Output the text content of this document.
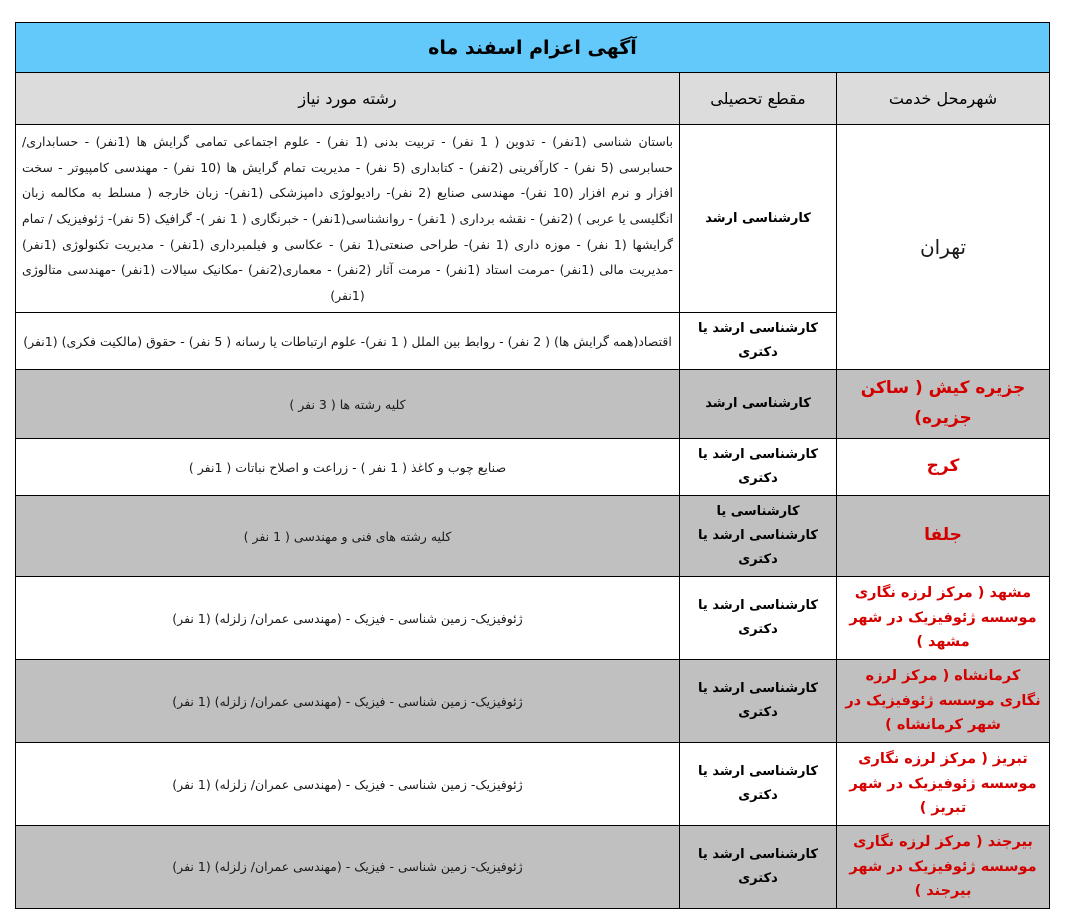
آگهی اعزام اسفند ماه		
شهرمحل خدمت	مقطع تحصیلی	رشته مورد نیاز
تهران	کارشناسی ارشد	باستان شناسی (1نفر) - تدوین ( 1 نفر) - تربیت بدنی (1 نفر) - علوم اجتماعی تمامی گرایش ها (1نفر) - حسابداری/ حسابرسی (5 نفر) - کارآفرینی (2نفر) - کتابداری (5 نفر) - مدیریت تمام گرایش ها (10 نفر) - مهندسی کامپیوتر - سخت افزار و نرم افزار (10 نفر)- مهندسی صنایع (2 نفر)- رادیولوژی دامپزشکی (1نفر)- زبان خارجه ( مسلط به مکالمه زبان انگلیسی یا عربی ) (2نفر) - نقشه برداری ( 1نفر) - روانشناسی(1نفر) - خبرنگاری ( 1 نفر )- گرافیک (5 نفر)- ژئوفیزیک / تمام گرایشها (1 نفر) - موزه داری (1 نفر)- طراحی صنعتی(1 نفر) - عکاسی و فیلمبرداری (1نفر) - مدیریت تکنولوژی (1نفر) -مدیریت مالی (1نفر) -مرمت استاد (1نفر) - مرمت آثار (2نفر) - معماری(2نفر) -مکانیک سیالات (1نفر) -مهندسی متالوژی (1نفر)
	کارشناسی ارشد یا دکتری	اقتصاد(همه گرایش ها) ( 2 نفر) - روابط بین الملل ( 1 نفر)- علوم ارتباطات یا رسانه ( 5 نفر) - حقوق (مالکیت فکری) (1نفر)
جزیره کیش ( ساکن جزیره)	کارشناسی ارشد	کلیه رشته ها ( 3 نفر )
کرج	کارشناسی ارشد یا دکتری	صنایع چوب و کاغذ ( 1 نفر ) - زراعت و اصلاح نباتات ( 1نفر )
جلفا	کارشناسی یا کارشناسی ارشد یا دکتری	کلیه رشته های فنی و مهندسی ( 1 نفر )
مشهد ( مرکز لرزه نگاری موسسه ژئوفیزیک در شهر مشهد )	کارشناسی ارشد یا دکتری	ژئوفیزیک- زمین شناسی - فیزیک - (مهندسی عمران/ زلزله) (1 نفر)
کرمانشاه ( مرکز لرزه نگاری موسسه ژئوفیزیک در شهر کرمانشاه )	کارشناسی ارشد یا دکتری	ژئوفیزیک- زمین شناسی - فیزیک - (مهندسی عمران/ زلزله) (1 نفر)
تبریز ( مرکز لرزه نگاری موسسه ژئوفیزیک در شهر تبریز )	کارشناسی ارشد یا دکتری	ژئوفیزیک- زمین شناسی - فیزیک - (مهندسی عمران/ زلزله) (1 نفر)
بیرجند ( مرکز لرزه نگاری موسسه ژئوفیزیک در شهر بیرجند )	کارشناسی ارشد یا دکتری	ژئوفیزیک- زمین شناسی - فیزیک - (مهندسی عمران/ زلزله) (1 نفر)
